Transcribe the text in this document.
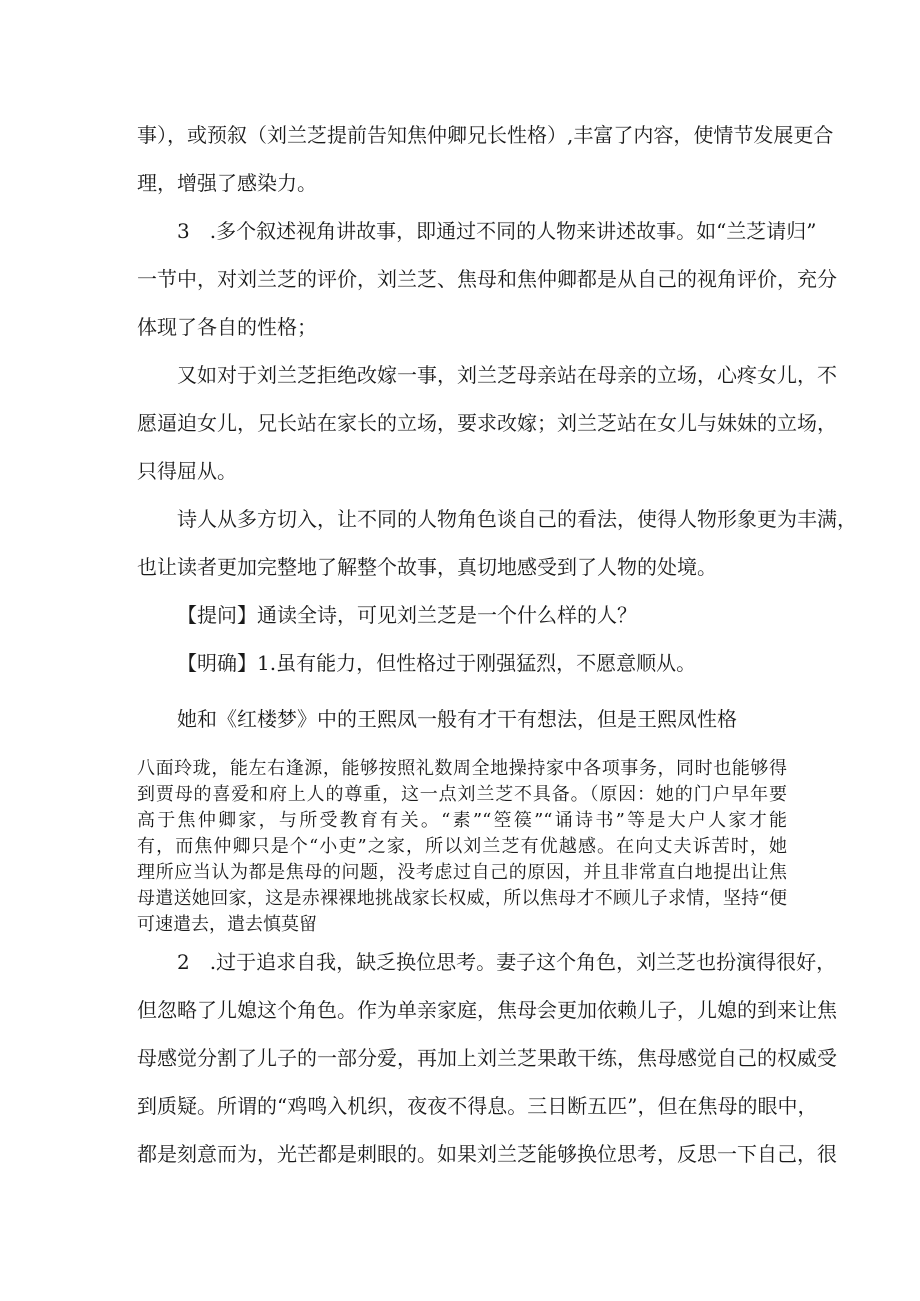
事），或预叙（刘兰芝提前告知焦仲卿兄长性格）,丰富了内容，使情节发展更合
理，增强了感染力。
3　.多个叙述视角讲故事，即通过不同的人物来讲述故事。如“兰芝请归”
一节中，对刘兰芝的评价，刘兰芝、焦母和焦仲卿都是从自己的视角评价，充分
体现了各自的性格；
又如对于刘兰芝拒绝改嫁一事，刘兰芝母亲站在母亲的立场，心疼女儿，不
愿逼迫女儿，兄长站在家长的立场，要求改嫁；刘兰芝站在女儿与妹妹的立场，
只得屈从。
诗人从多方切入，让不同的人物角色谈自己的看法，使得人物形象更为丰满，
也让读者更加完整地了解整个故事，真切地感受到了人物的处境。
【提问】通读全诗，可见刘兰芝是一个什么样的人？
【明确】1.虽有能力，但性格过于刚强猛烈，不愿意顺从。
她和《红楼梦》中的王熙凤一般有才干有想法，但是王熙凤性格
八面玲珑，能左右逢源，能够按照礼数周全地操持家中各项事务，同时也能够得
到贾母的喜爱和府上人的尊重，这一点刘兰芝不具备。（原因：她的门户早年要
高于焦仲卿家，与所受教育有关。“素”“箜篌”“诵诗书”等是大户人家才能
有，而焦仲卿只是个“小吏”之家，所以刘兰芝有优越感。在向丈夫诉苦时，她
理所应当认为都是焦母的问题，没考虑过自己的原因，并且非常直白地提出让焦
母遣送她回家，这是赤裸裸地挑战家长权威，所以焦母才不顾儿子求情，坚持“便
可速遣去，遣去慎莫留
2　.过于追求自我，缺乏换位思考。妻子这个角色，刘兰芝也扮演得很好，
但忽略了儿媳这个角色。作为单亲家庭，焦母会更加依赖儿子，儿媳的到来让焦
母感觉分割了儿子的一部分爱，再加上刘兰芝果敢干练，焦母感觉自己的权威受
到质疑。所谓的“鸡鸣入机织，夜夜不得息。三日断五匹”，但在焦母的眼中，
都是刻意而为，光芒都是刺眼的。如果刘兰芝能够换位思考，反思一下自己，很
